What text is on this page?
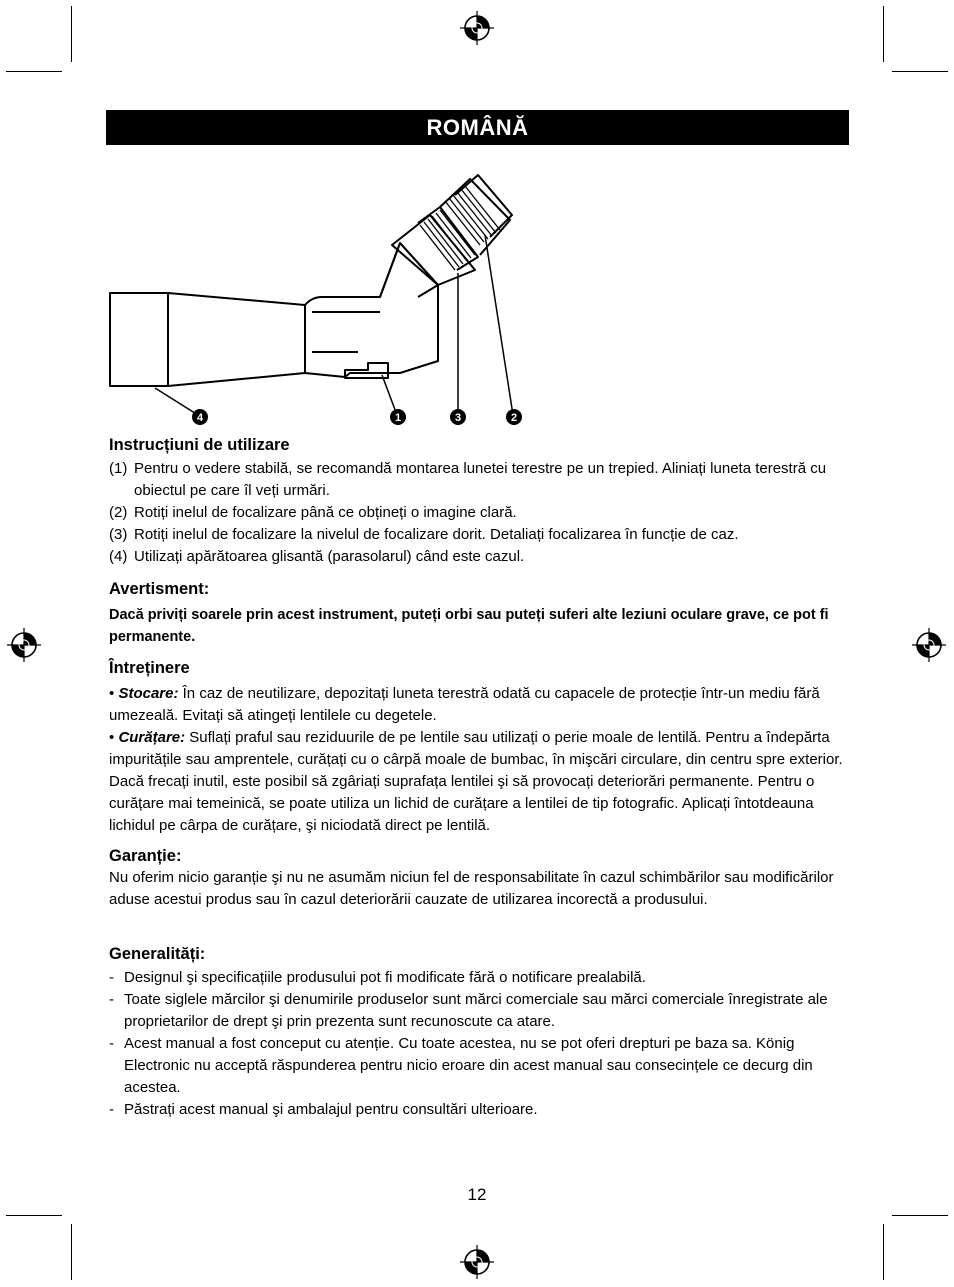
ROMÂNĂ
4	1	3	2
Instrucțiuni de utilizare
(1) Pentru o vedere stabilă, se recomandă montarea lunetei terestre pe un trepied. Aliniați luneta terestră cu obiectul pe care îl veți urmări.
(2) Rotiți inelul de focalizare până ce obțineți o imagine clară.
(3) Rotiți inelul de focalizare la nivelul de focalizare dorit. Detaliați focalizarea în funcție de caz.
(4) Utilizați apărătoarea glisantă (parasolarul) când este cazul.
Avertisment:

Dacă priviți soarele prin acest instrument, puteți orbi sau puteți suferi alte leziuni oculare grave, ce pot fi permanente.

Întreținere

• Stocare: În caz de neutilizare, depozitați luneta terestră odată cu capacele de protecție într-un mediu fără umezeală. Evitați să atingeți lentilele cu degetele.

• Curățare: Suflați praful sau reziduurile de pe lentile sau utilizați o perie moale de lentilă. Pentru a îndepărta impuritățile sau amprentele, curățați cu o cârpă moale de bumbac, în mişcări circulare, din centru spre exterior. Dacă frecați inutil, este posibil să zgâriați suprafața lentilei şi să provocați deteriorări permanente. Pentru o curățare mai temeinică, se poate utiliza un lichid de curățare a lentilei de tip fotografic. Aplicați întotdeauna lichidul pe cârpa de curățare, şi niciodată direct pe lentilă.

Garanție:

Nu oferim nicio garanție şi nu ne asumăm niciun fel de responsabilitate în cazul schimbărilor sau modificărilor aduse acestui produs sau în cazul deteriorării cauzate de utilizarea incorectă a produsului.

Generalități:
- Designul şi specificațiile produsului pot fi modificate fără o notificare prealabilă.
- Toate siglele mărcilor şi denumirile produselor sunt mărci comerciale sau mărci comerciale înregistrate ale proprietarilor de drept şi prin prezenta sunt recunoscute ca atare.
- Acest manual a fost conceput cu atenție. Cu toate acestea, nu se pot oferi drepturi pe baza sa. König Electronic nu acceptă răspunderea pentru nicio eroare din acest manual sau consecințele ce decurg din acestea.
- Păstrați acest manual şi ambalajul pentru consultări ulterioare.
12
